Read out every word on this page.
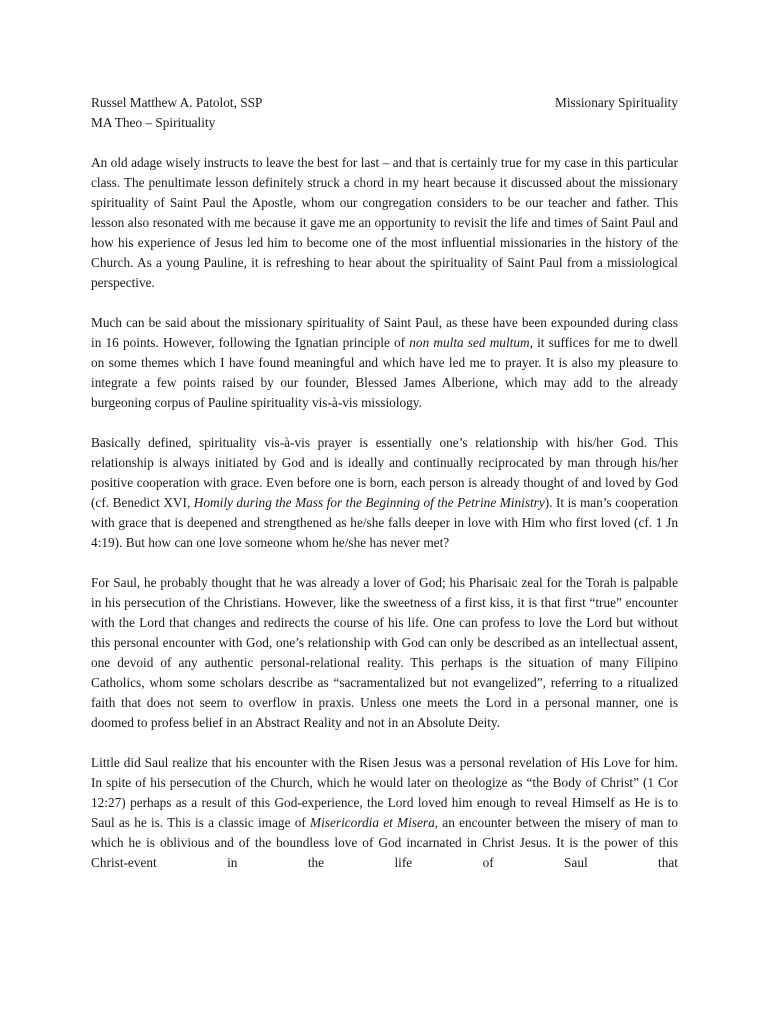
Russel Matthew A. Patolot, SSP	Missionary Spirituality
MA Theo – Spirituality

An old adage wisely instructs to leave the best for last – and that is certainly true for my case in this particular class. The penultimate lesson definitely struck a chord in my heart because it discussed about the missionary spirituality of Saint Paul the Apostle, whom our congregation considers to be our teacher and father. This lesson also resonated with me because it gave me an opportunity to revisit the life and times of Saint Paul and how his experience of Jesus led him to become one of the most influential missionaries in the history of the Church. As a young Pauline, it is refreshing to hear about the spirituality of Saint Paul from a missiological perspective.

Much can be said about the missionary spirituality of Saint Paul, as these have been expounded during class in 16 points. However, following the Ignatian principle of non multa sed multum, it suffices for me to dwell on some themes which I have found meaningful and which have led me to prayer. It is also my pleasure to integrate a few points raised by our founder, Blessed James Alberione, which may add to the already burgeoning corpus of Pauline spirituality vis-à-vis missiology.

Basically defined, spirituality vis-à-vis prayer is essentially one’s relationship with his/her God. This relationship is always initiated by God and is ideally and continually reciprocated by man through his/her positive cooperation with grace. Even before one is born, each person is already thought of and loved by God (cf. Benedict XVI, Homily during the Mass for the Beginning of the Petrine Ministry). It is man’s cooperation with grace that is deepened and strengthened as he/she falls deeper in love with Him who first loved (cf. 1 Jn 4:19). But how can one love someone whom he/she has never met?

For Saul, he probably thought that he was already a lover of God; his Pharisaic zeal for the Torah is palpable in his persecution of the Christians. However, like the sweetness of a first kiss, it is that first “true” encounter with the Lord that changes and redirects the course of his life. One can profess to love the Lord but without this personal encounter with God, one’s relationship with God can only be described as an intellectual assent, one devoid of any authentic personal-relational reality. This perhaps is the situation of many Filipino Catholics, whom some scholars describe as “sacramentalized but not evangelized”, referring to a ritualized faith that does not seem to overflow in praxis. Unless one meets the Lord in a personal manner, one is doomed to profess belief in an Abstract Reality and not in an Absolute Deity.

Little did Saul realize that his encounter with the Risen Jesus was a personal revelation of His Love for him. In spite of his persecution of the Church, which he would later on theologize as “the Body of Christ” (1 Cor 12:27) perhaps as a result of this God-experience, the Lord loved him enough to reveal Himself as He is to Saul as he is. This is a classic image of Misericordia et Misera, an encounter between the misery of man to which he is oblivious and of the boundless love of God incarnated in Christ Jesus. It is the power of this Christ-event in the life of Saul that
